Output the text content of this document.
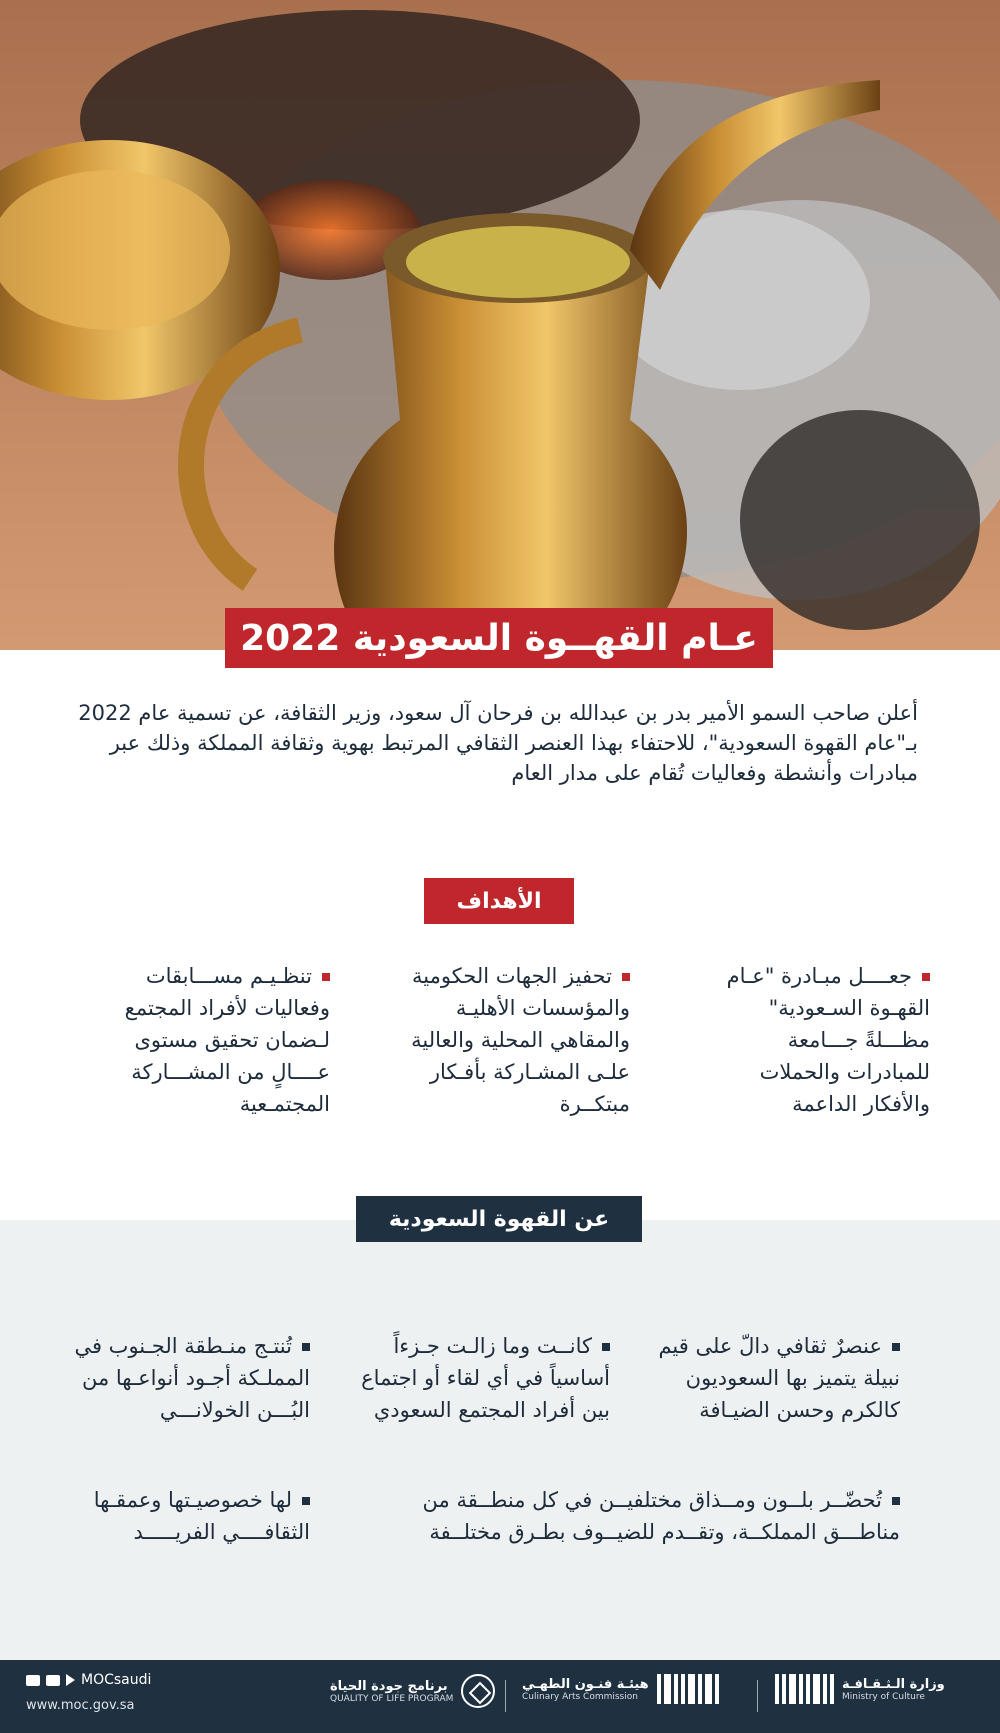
عـام القهــوة السعودية 2022

أعلن صاحب السمو الأمير بدر بن عبدالله بن فرحان آل سعود، وزير الثقافة، عن تسمية عام 2022 بـ"عام القهوة السعودية"، للاحتفاء بهذا العنصر الثقافي المرتبط بهوية وثقافة المملكة وذلك عبر مبادرات وأنشطة وفعاليات تُقام على مدار العام

الأهداف
جعــــل مبـادرة "عـام القهـوة السـعودية" مظـــلةً جـــامعة للمبادرات والحملات والأفكار الداعمة
تحفيز الجهات الحكومية والمؤسسات الأهليـة والمقاهي المحلية والعالية علـى المشـاركة بأفـكار مبتكــرة
تنظـيـم مســـابقات وفعاليات لأفراد المجتمع لـضمان تحقيق مستوى عــــالٍ من المشـــاركة المجتمـعية
عن القهوة السعودية
عنصرٌ ثقافي دالّ على قيم نبيلة يتميز بها السعوديون كالكرم وحسن الضيـافة
كانــت وما زالـت جـزءاً أساسياً في أي لقاء أو اجتماع بين أفراد المجتمع السعودي
تُنتـج منـطقة الجـنوب في المملـكة أجـود أنواعـها من البُـــن الخولانـــي
تُحضّــر بلــون ومــذاق مختلفيــن في كل منطــقة من مناطـــق المملكــة، وتقــدم للضيــوف بطـرق مختلــفة
لها خصوصيـتها وعمقـها الثقافــــي الفريـــــد
MOCsaudi
www.moc.gov.sa
برنامج جودة الحياة
QUALITY OF LIFE PROGRAM
هيئـة فنـون الطهـي
Culinary Arts Commission
وزارة الـثـقـافـة
Ministry of Culture
